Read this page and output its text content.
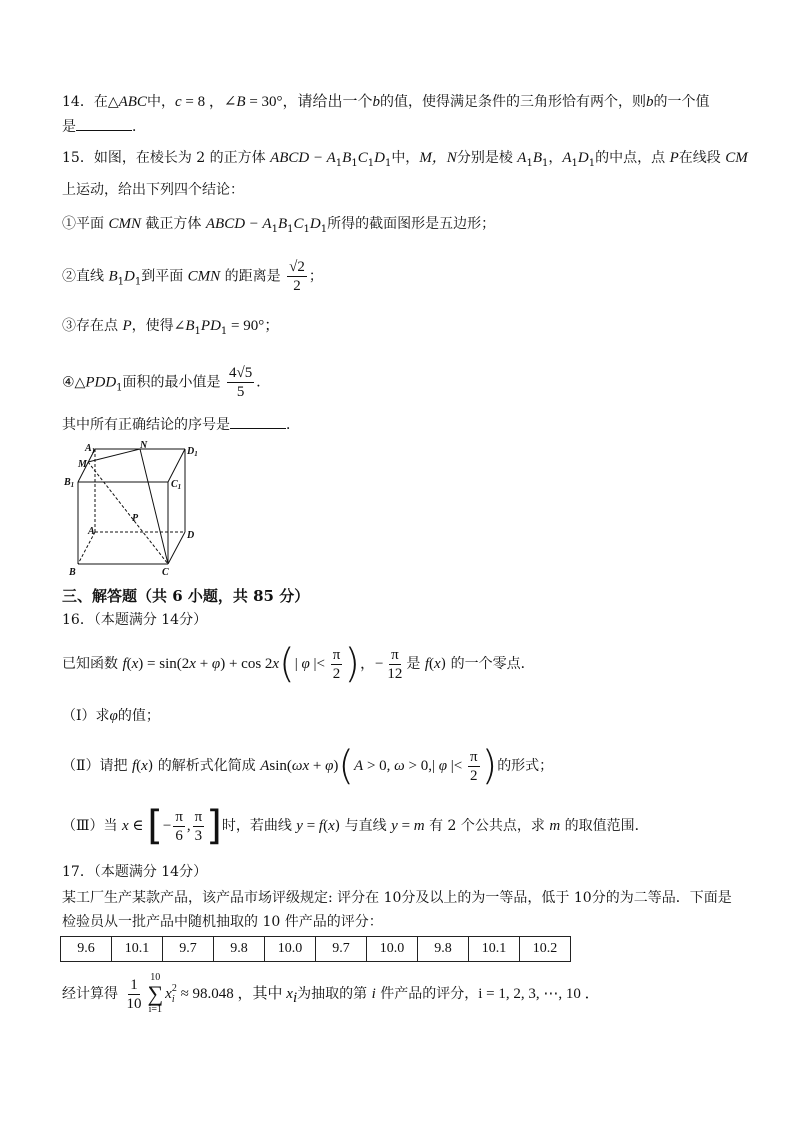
14．在△ABC中，c = 8 ，∠B = 30°，请给出一个b的值，使得满足条件的三角形恰有两个，则b的一个值
是	．
15．如图，在棱长为 2 的正方体 ABCD − $A_1B_1C_1D_1$中，M，N分别是棱 $A_1B_1$，$A_1D_1$的中点，点 P在线段 CM
上运动，给出下列四个结论：
①平面 CMN 截正方体 ABCD − $A_1B_1C_1D_1$所得的截面图形是五边形；
②直线 $B_1D_1$到平面 CMN 的距离是 $\frac{√2}{2}$ ；
③存在点 P，使得$\angle B_1PD_1 = 90^\circ$；
$④\triangle PDD_1$面积的最小值是 $\frac{4√5}{5}$ ．
其中所有正确结论的序号是	．
$A_1$	N
$D_1$
M
$B_1$	$C_1$
P
A	D
B	C
三、解答题（共 6 小题，共 85 分）
16．（本题满分 14分）
已知函数 f(x) = sin(2x + φ) + cos 2x(| φ |< $\frac{\pi}{2}$ )，− $\frac{\pi}{12}$ 是 f(x) 的一个零点．
（Ⅰ）求φ的值；
（Ⅱ）请把 f(x) 的解析式化简成 Asin(ωx + φ)(A > 0, ω > 0,| φ |< $\frac{\pi}{2}$ )的形式；
（Ⅲ）当 x ∈ [− $\frac{\pi}{6}$ , $\frac{\pi}{3}$ ]时，若曲线 y = f(x) 与直线 y = m 有 2 个公共点，求 m 的取值范围．
17．（本题满分 14分）
某工厂生产某款产品，该产品市场评级规定: 评分在 10分及以上的为一等品，低于 10分的为二等品．下面是
检验员从一批产品中随机抽取的 10 件产品的评分：
9.6	10.1	9.7	9.8	10.0	9.7	10.0	9.8	10.1	10.2
经计算得 $\frac{1}{10} 10$
∑
i=1
x 2
i ≈ 98.048 ，其中 $x_i$为抽取的第 i 件产品的评分，i = 1, 2, 3, ⋯, 10 ．
